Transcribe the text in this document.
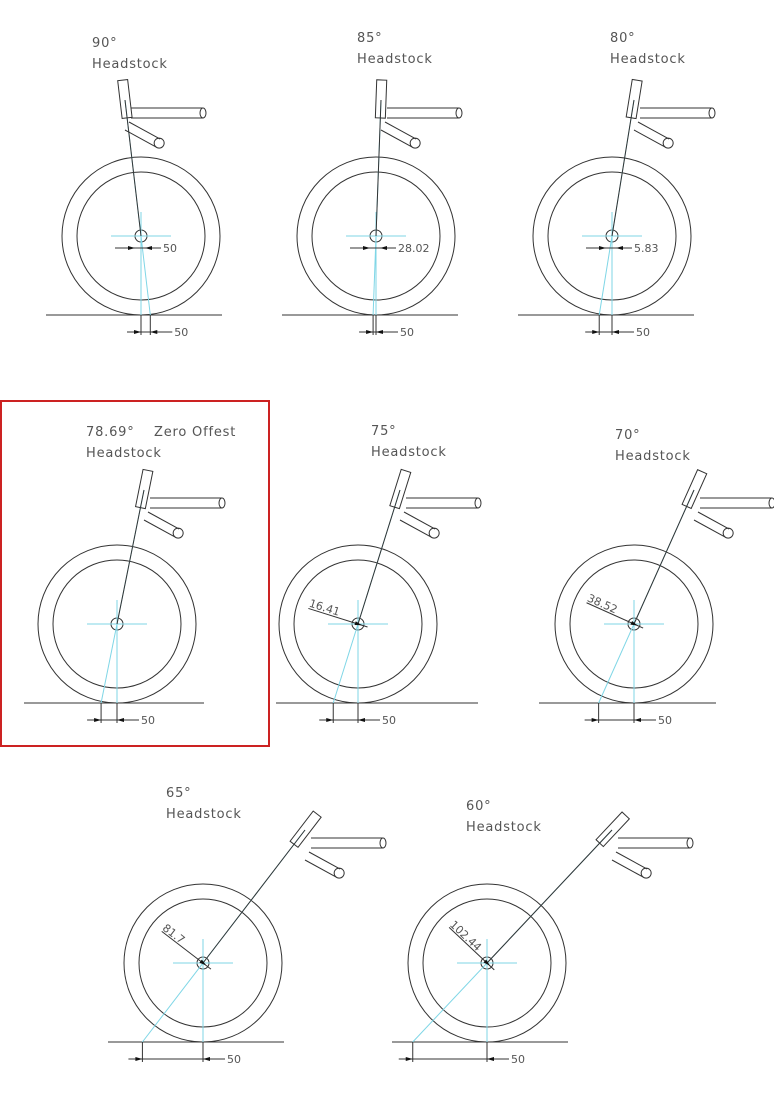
90°
Headstock
50
50
85°
Headstock
50
28.02
80°
Headstock
50
5.83
78.69° Zero Offest
Headstock
50
75°
Headstock
50
16.41
70°
Headstock
50
38.52
65°
Headstock
50
81.7
60°
Headstock
50
102.44
